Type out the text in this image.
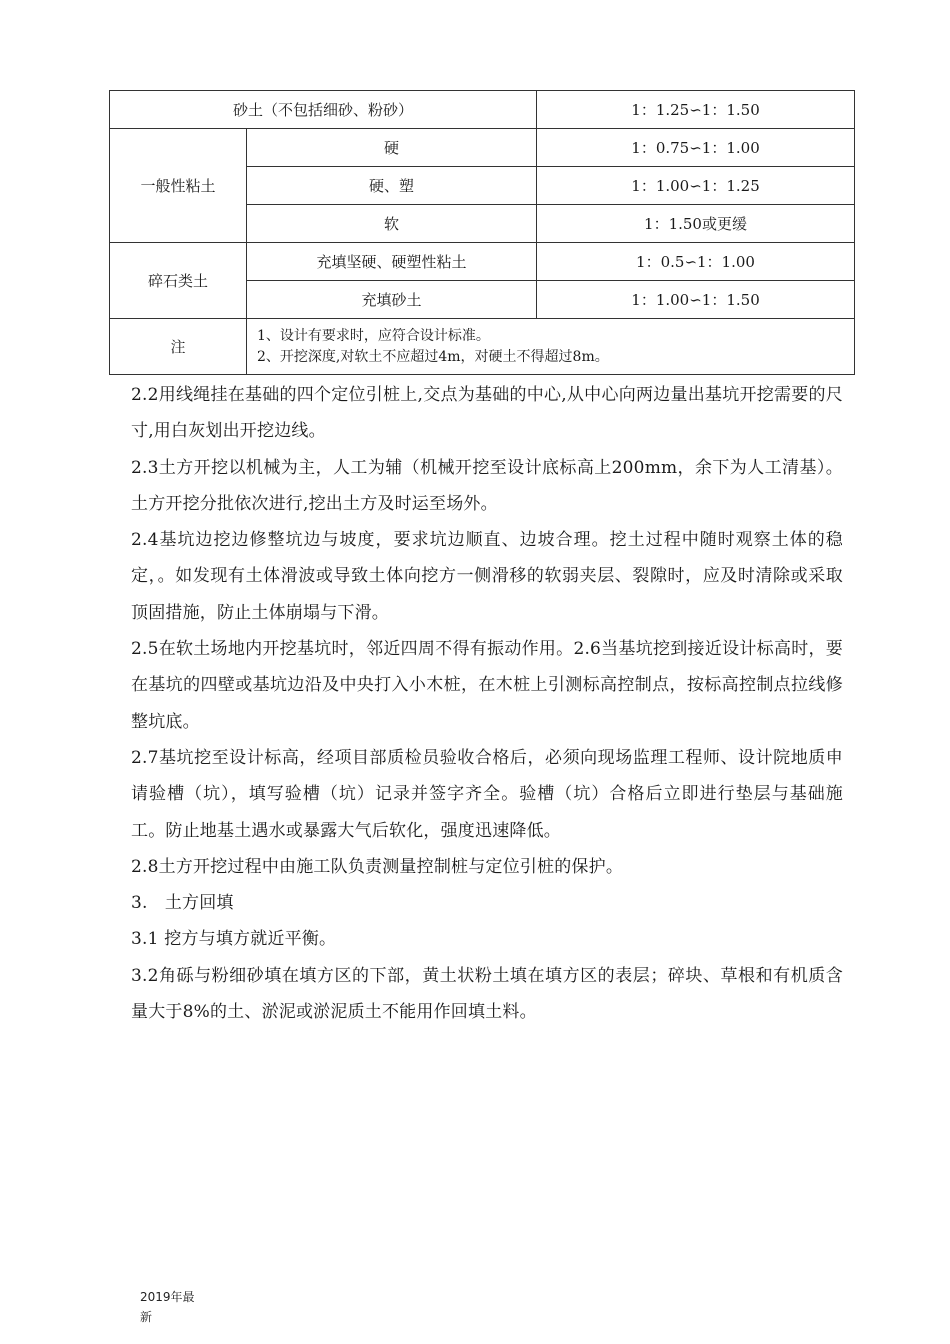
砂土（不包括细砂、粉砂）		1：1.25∽1：1.50
一般性粘土	硬	1：0.75∽1：1.00
	硬、塑	1：1.00∽1：1.25
	软	1：1.50或更缓
碎石类土	充填坚硬、硬塑性粘土	1：0.5∽1：1.00
	充填砂土	1：1.00∽1：1.50
注	1、设计有要求时，应符合设计标准。
2、开挖深度,对软土不应超过4m，对硬土不得超过8m。	

2.2用线绳挂在基础的四个定位引桩上,交点为基础的中心,从中心向两边量出基坑开挖需要的尺寸,用白灰划出开挖边线。

2.3土方开挖以机械为主，人工为辅（机械开挖至设计底标高上200mm，余下为人工清基）。土方开挖分批依次进行,挖出土方及时运至场外。

2.4基坑边挖边修整坑边与坡度，要求坑边顺直、边坡合理。挖土过程中随时观察土体的稳定，。如发现有土体滑波或导致土体向挖方一侧滑移的软弱夹层、裂隙时，应及时清除或采取顶固措施，防止土体崩塌与下滑。

2.5在软土场地内开挖基坑时，邻近四周不得有振动作用。2.6当基坑挖到接近设计标高时，要在基坑的四壁或基坑边沿及中央打入小木桩，在木桩上引测标高控制点，按标高控制点拉线修整坑底。

2.7基坑挖至设计标高，经项目部质检员验收合格后，必须向现场监理工程师、设计院地质申请验槽（坑），填写验槽（坑）记录并签字齐全。验槽（坑）合格后立即进行垫层与基础施工。防止地基土遇水或暴露大气后软化，强度迅速降低。

2.8土方开挖过程中由施工队负责测量控制桩与定位引桩的保护。

3.　土方回填

3.1 挖方与填方就近平衡。

3.2角砾与粉细砂填在填方区的下部，黄土状粉土填在填方区的表层；碎块、草根和有机质含量大于8%的土、淤泥或淤泥质土不能用作回填土料。

2019年最
新
